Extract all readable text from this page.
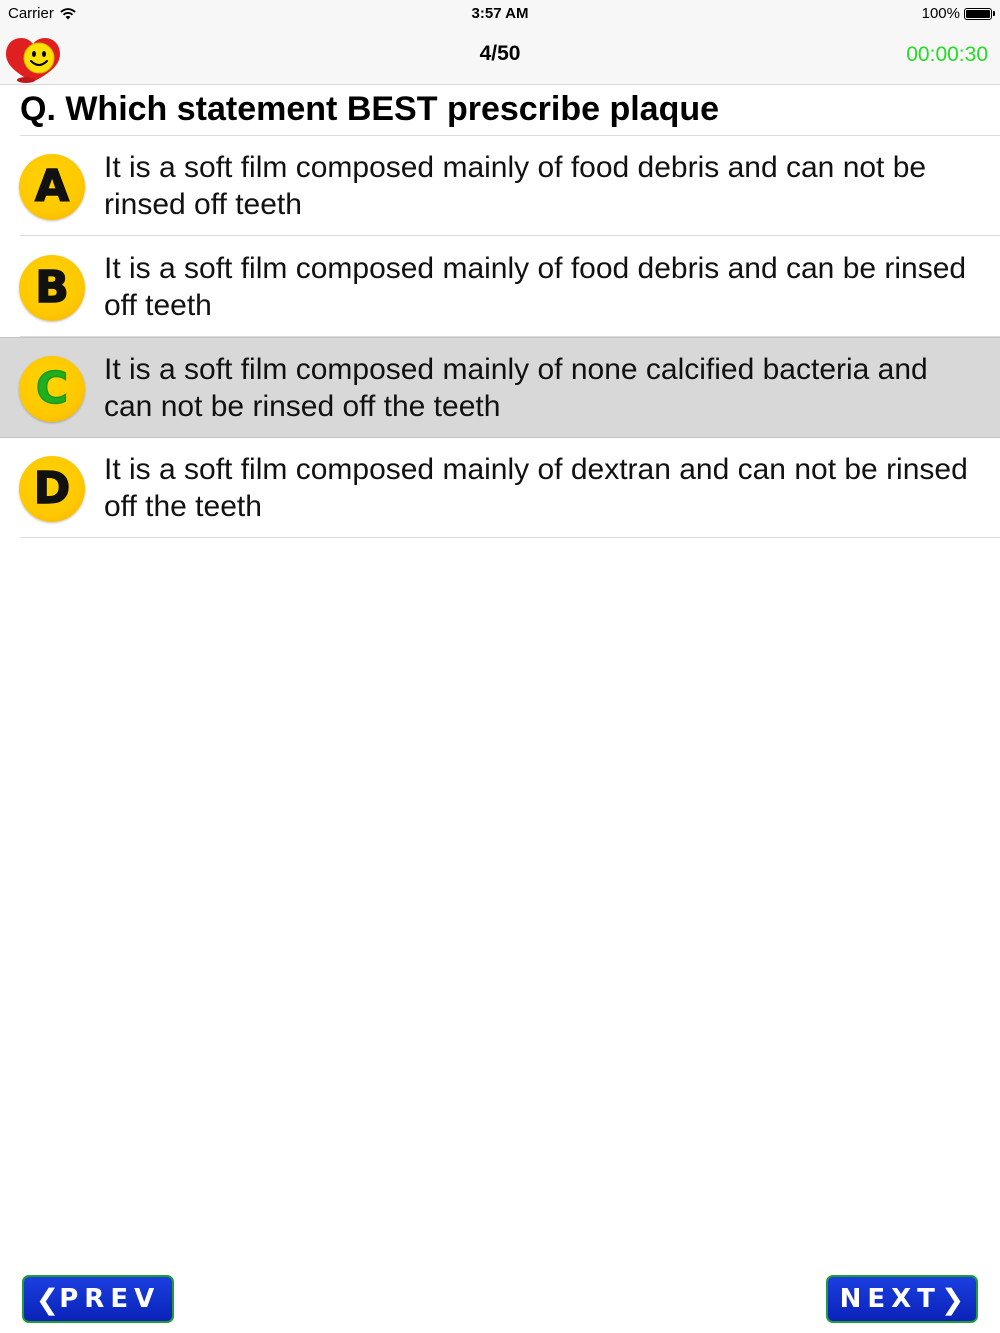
Carrier	3:57 AM	100%
4/50	00:00:30
Q. Which statement BEST prescribe plaque
A It is a soft film composed mainly of food debris and can not be rinsed off teeth
B It is a soft film composed mainly of food debris and can be rinsed off teeth
C It is a soft film composed mainly of none calcified bacteria and can not be rinsed off the teeth
D It is a soft film composed mainly of dextran and can not be rinsed off the teeth
❮ PREV	NEXT ❯
